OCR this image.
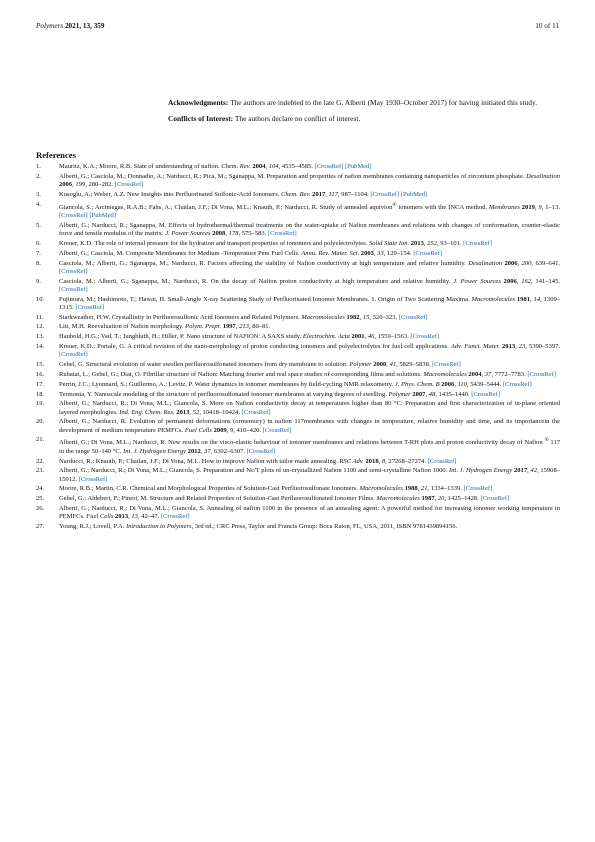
Polymers 2021, 13, 359	10 of 11

Acknowledgments: The authors are indebted to the late G. Alberti (May 1930–October 2017) for having initiated this study.

Conflicts of Interest: The authors declare no conflict of interest.

References
1.	Mauritz, K.A.; Moore, R.B. State of understanding of nafion. Chem. Rev. 2004, 104, 4535–4585. [CrossRef] [PubMed]
2.	Alberti, G.; Casciola, M.; Donnadio, A.; Narducci, R.; Pica, M.; Sganappa, M. Preparation and properties of nafion membranes containing nanoparticles of zirconium phosphate. Desalination 2006, 199, 280–282. [CrossRef]
3.	Kusoglu, A.; Weber, A.Z. New Insights into Perfluorinated Sulfonic-Acid Ionomers. Chem. Rev. 2017, 117, 987–1104. [CrossRef] [PubMed]
4.	Giancola, S.; Arciniegas, R.A.B.; Fahs, A.; Chailan, J.F.; Di Vona, M.L.; Knauth, P.; Narducci, R. Study of annealed aquivion® ionomers with the INCA method. Membranes 2019, 9, 1–13. [CrossRef] [PubMed]
5.	Alberti, G.; Narducci, R.; Sganappa, M. Effects of hydrothermal/thermal treatments on the water-uptake of Nafion membranes and relations with changes of conformation, counter-elastic force and tensile modulus of the matrix. J. Power Sources 2008, 178, 575–583. [CrossRef]
6.	Kreuer, K.D. The role of internal pressure for the hydration and transport properties of ionomers and polyelectrolytes. Solid State Ion. 2013, 252, 93–101. [CrossRef]
7.	Alberti, G.; Casciola, M. Composite Membranes for Medium -Temperature Pem Fuel Cells. Annu. Rev. Mater. Sci. 2003, 33, 129–154. [CrossRef]
8.	Casciola, M.; Alberti, G.; Sganappa, M.; Narducci, R. Factors affecting the stability of Nafion conductivity at high temperature and relative humidity. Desalination 2006, 200, 639–641. [CrossRef]
9.	Casciola, M.; Alberti, G.; Sganappa, M.; Narducci, R. On the decay of Nafion proton conductivity at high temperature and relative humidity. J. Power Sources 2006, 162, 141–145. [CrossRef]
10.	Fujimura, M.; Hashimoto, T.; Hawai, H. Small-Angle X-ray Scattering Study of Perfluorinated Ionomer Membranes. 1. Origin of Two Scattering Maxima. Macromolecules 1981, 14, 1309–1315. [CrossRef]
11.	Starkweather, H.W. Crystallinity in Perfluorosulfonic Acid Ionomers and Related Polymers. Macromolecules 1982, 15, 320–323. [CrossRef]
12.	Litt, M.H. Reevaluation of Nafion morphology. Polym. Prepr. 1997, 213, 80–81.
13.	Haubold, H.G.; Vad, T.; Jungbluth, H.; Hiller, P. Nano structure of NAFION: A SAXS study. Electrochim. Acta 2001, 46, 1559–1563. [CrossRef]
14.	Kreuer, K.D.; Portale, G. A critical revision of the nano-morphology of proton conducting ionomers and polyelectrolytes for fuel cell applications. Adv. Funct. Mater. 2013, 23, 5390–5397. [CrossRef]
15.	Gebel, G. Structural evolution of water swollen perfluorosulfonated ionomers from dry membrane to solution. Polymer 2000, 41, 5829–5838. [CrossRef]
16.	Rubatat, L.; Gebel, G.; Diat, O. Fibrillar structure of Nafion: Matching fourier and real space studies of corresponding films and solutions. Macromolecules 2004, 37, 7772–7783. [CrossRef]
17.	Perrin, J.C.; Lyonnard, S.; Guillermo, A.; Levitz, P. Water dynamics in ionomer membranes by field-cycling NMR relaxometry. J. Phys. Chem. B 2006, 110, 5439–5444. [CrossRef]
18.	Termonia, Y. Nanoscale modeling of the structure of perfluorosulfonated ionomer membranes at varying degrees of swelling. Polymer 2007, 48, 1435–1440. [CrossRef]
19.	Alberti, G.; Narducci, R.; Di Vona, M.L.; Giancola, S. More on Nafion conductivity decay at temperatures higher than 80 °C: Preparation and first characterization of in-plane oriented layered morphologies. Ind. Eng. Chem. Res. 2013, 52, 10418–10424. [CrossRef]
20.	Alberti, G.; Narducci, R. Evolution of permanent deformations (ormemory) in nafion 117membranes with changes in temperature, relative humidity and time, and its importancein the development of medium temperature PEMFCs. Fuel Cells 2009, 9, 410–420. [CrossRef]
21.	Alberti, G.; Di Vona, M.L.; Narducci, R. New results on the visco-elastic behaviour of ionomer membranes and relations between T-RH plots and proton conductivity decay of Nafion ® 117 in the range 50–140 °C. Int. J. Hydrogen Energy 2012, 37, 6302–6307. [CrossRef]
22.	Narducci, R.; Knauth, P.; Chailan, J.F.; Di Vona, M.L. How to improve Nafion with tailor made annealing. RSC Adv. 2018, 8, 27268–27274. [CrossRef]
23.	Alberti, G.; Narducci, R.; Di Vona, M.L.; Giancola, S. Preparation and Nc/T plots of un-crystallized Nafion 1100 and semi-crystalline Nafion 1000. Int. J. Hydrogen Energy 2017, 42, 15908–15912. [CrossRef]
24.	Moore, R.B.; Martin, C.R. Chemical and Morphological Properties of Solution-Cast Perfluorosulfonate Ionomers. Macromolecules 1988, 21, 1334–1339. [CrossRef]
25.	Gebel, G.; Aldebert, P.; Pineri, M. Structure and Related Properties of Solution-Cast Perfluorosulfonated Ionomer Films. Macromolecules 1987, 20, 1425–1428. [CrossRef]
26.	Alberti, G.; Narducci, R.; Di Vona, M.L.; Giancola, S. Annealing of nafion 1100 in the presence of an annealing agent: A powerful method for increasing ionomer working temperature in PEMFCs. Fuel Cells 2013, 13, 42–47. [CrossRef]
27.	Young, R.J.; Lovell, P.A. Introduction to Polymers, 3rd ed.; CRC Press, Taylor and Francis Group: Boca Raton, FL, USA, 2011, ISBN 9781439894156.
